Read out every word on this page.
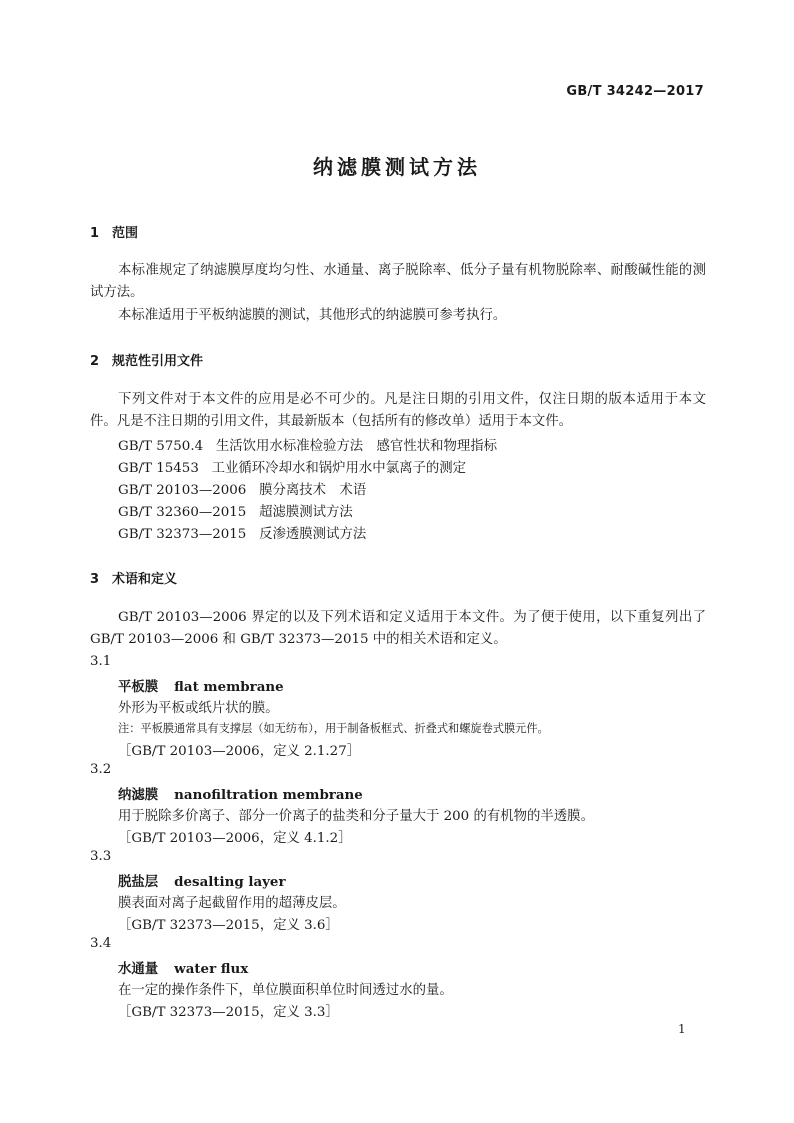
GB/T 34242—2017
纳滤膜测试方法
1 范围
本标准规定了纳滤膜厚度均匀性、水通量、离子脱除率、低分子量有机物脱除率、耐酸碱性能的测试方法。
本标准适用于平板纳滤膜的测试，其他形式的纳滤膜可参考执行。
2 规范性引用文件
下列文件对于本文件的应用是必不可少的。凡是注日期的引用文件，仅注日期的版本适用于本文件。凡是不注日期的引用文件，其最新版本（包括所有的修改单）适用于本文件。
GB/T 5750.4 生活饮用水标准检验方法　感官性状和物理指标
GB/T 15453 工业循环冷却水和锅炉用水中氯离子的测定
GB/T 20103—2006 膜分离技术　术语
GB/T 32360—2015 超滤膜测试方法
GB/T 32373—2015 反渗透膜测试方法
3 术语和定义
GB/T 20103—2006 界定的以及下列术语和定义适用于本文件。为了便于使用，以下重复列出了 GB/T 20103—2006 和 GB/T 32373—2015 中的相关术语和定义。
3.1
平板膜 flat membrane
外形为平板或纸片状的膜。
注：平板膜通常具有支撑层（如无纺布），用于制备板框式、折叠式和螺旋卷式膜元件。
［GB/T 20103—2006，定义 2.1.27］
3.2
纳滤膜 nanofiltration membrane
用于脱除多价离子、部分一价离子的盐类和分子量大于 200 的有机物的半透膜。
［GB/T 20103—2006，定义 4.1.2］
3.3
脱盐层 desalting layer
膜表面对离子起截留作用的超薄皮层。
［GB/T 32373—2015，定义 3.6］
3.4
水通量 water flux
在一定的操作条件下，单位膜面积单位时间透过水的量。
［GB/T 32373—2015，定义 3.3］
1
